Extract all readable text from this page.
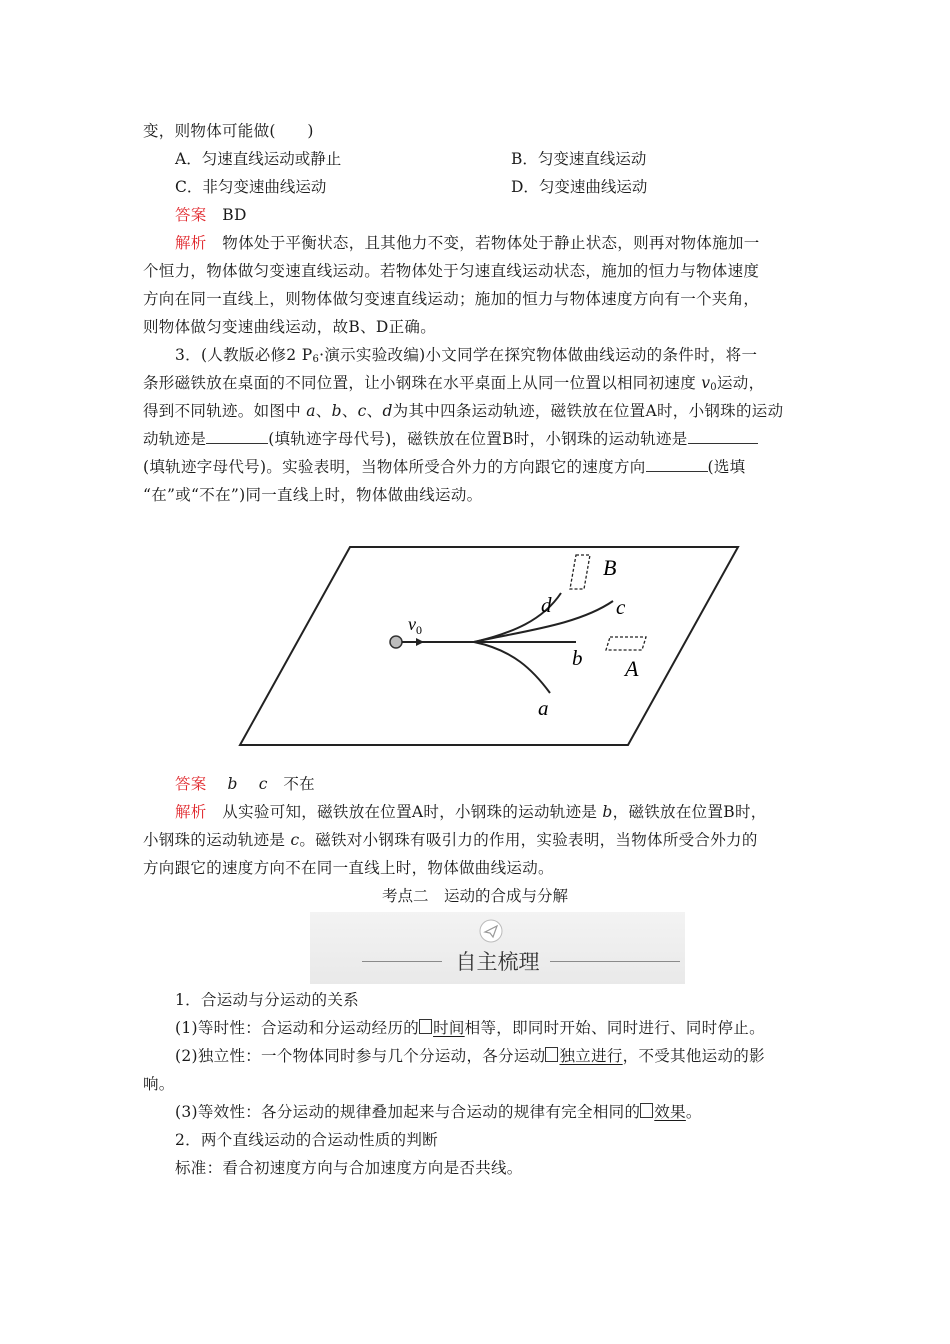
变，则物体可能做(　　)
A．匀速直线运动或静止	B．匀变速直线运动
C．非匀变速曲线运动	D．匀变速曲线运动
答案 BD
解析 物体处于平衡状态，且其他力不变，若物体处于静止状态，则再对物体施加一
个恒力，物体做匀变速直线运动。若物体处于匀速直线运动状态，施加的恒力与物体速度
方向在同一直线上，则物体做匀变速直线运动；施加的恒力与物体速度方向有一个夹角，
则物体做匀变速曲线运动，故B、D正确。
3．(人教版必修2 $P_6\cdot$演示实验改编)小文同学在探究物体做曲线运动的条件时，将一
条形磁铁放在桌面的不同位置，让小钢珠在水平桌面上从同一位置以相同初速度 $v_0$运动，
得到不同轨迹。如图中 a、b、c、d为其中四条运动轨迹，磁铁放在位置A时，小钢珠的运动
动轨迹是	(填轨迹字母代号)，磁铁放在位置B时，小钢珠的运动轨迹是
(填轨迹字母代号)。实验表明，当物体所受合外力的方向跟它的速度方向	(选填
“在”或“不在”)同一直线上时，物体做曲线运动。
$v_0$
d	c
b
a
B
A
答案 b c 不在
解析 从实验可知，磁铁放在位置A时，小钢珠的运动轨迹是 b，磁铁放在位置B时，
小钢珠的运动轨迹是 c。磁铁对小钢珠有吸引力的作用，实验表明，当物体所受合外力的
方向跟它的速度方向不在同一直线上时，物体做曲线运动。
考点二　运动的合成与分解
自主梳理
1．合运动与分运动的关系
(1)等时性：合运动和分运动经历的 时间相等，即同时开始、同时进行、同时停止。
(2)独立性：一个物体同时参与几个分运动，各分运动 独立进行，不受其他运动的影
响。
(3)等效性：各分运动的规律叠加起来与合运动的规律有完全相同的 效果。
2．两个直线运动的合运动性质的判断
标准：看合初速度方向与合加速度方向是否共线。
